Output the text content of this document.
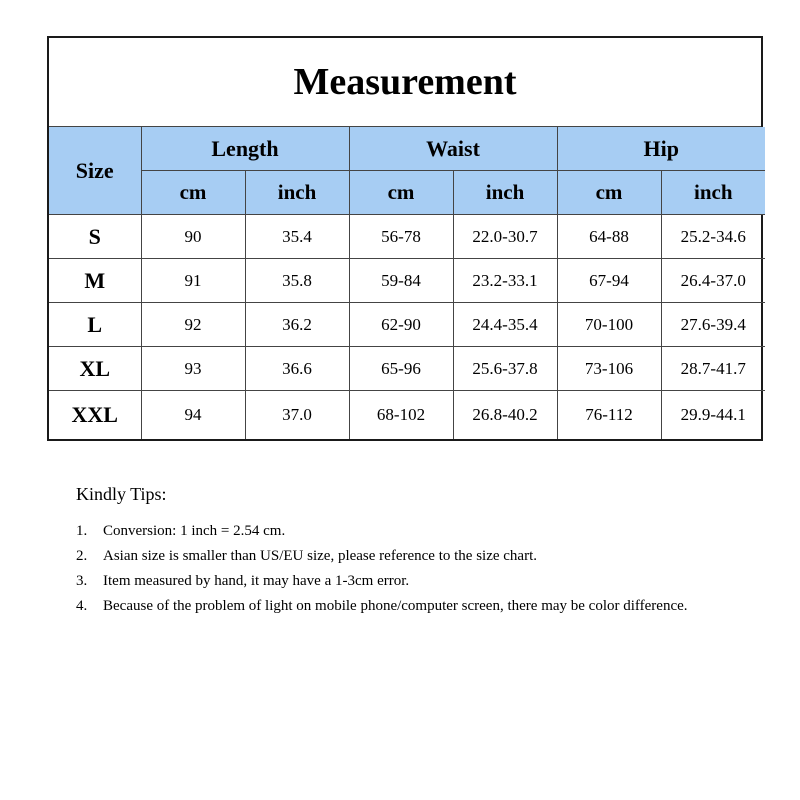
Measurement
Size	Length		Waist		Hip	
	cm	inch	cm	inch	cm	inch
S	90	35.4	56-78	22.0-30.7	64-88	25.2-34.6
M	91	35.8	59-84	23.2-33.1	67-94	26.4-37.0
L	92	36.2	62-90	24.4-35.4	70-100	27.6-39.4
XL	93	36.6	65-96	25.6-37.8	73-106	28.7-41.7
XXL	94	37.0	68-102	26.8-40.2	76-112	29.9-44.1
Kindly Tips:
1.	Conversion: 1 inch = 2.54 cm.
2.	Asian size is smaller than US/EU size, please reference to the size chart.
3.	Item measured by hand, it may have a 1-3cm error.
4.	Because of the problem of light on mobile phone/computer screen, there may be color difference.
